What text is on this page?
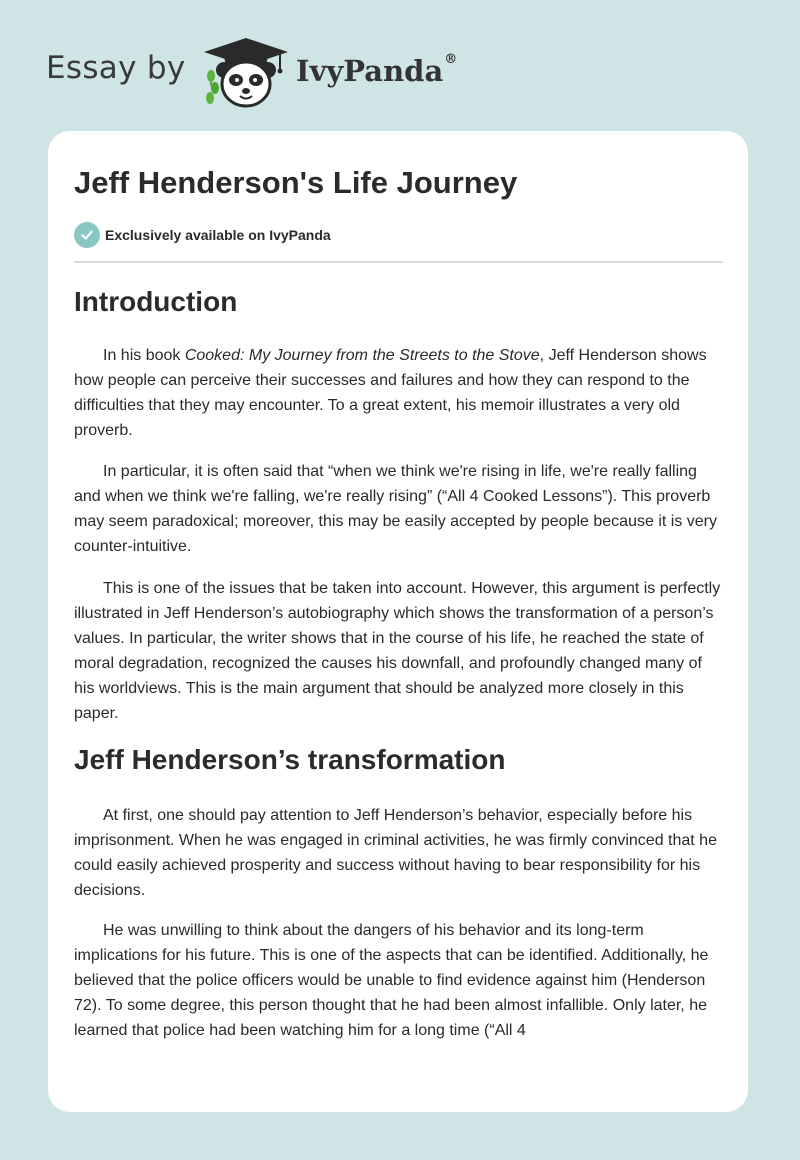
Essay by	IvyPanda®
Jeff Henderson's Life Journey
Exclusively available on IvyPanda
Introduction

In his book Cooked: My Journey from the Streets to the Stove, Jeff Henderson shows how people can perceive their successes and failures and how they can respond to the difficulties that they may encounter. To a great extent, his memoir illustrates a very old proverb.

In particular, it is often said that “when we think we're rising in life, we're really falling and when we think we're falling, we're really rising” (“All 4 Cooked Lessons”). This proverb may seem paradoxical; moreover, this may be easily accepted by people because it is very counter-intuitive.

This is one of the issues that be taken into account. However, this argument is perfectly illustrated in Jeff Henderson’s autobiography which shows the transformation of a person’s values. In particular, the writer shows that in the course of his life, he reached the state of moral degradation, recognized the causes his downfall, and profoundly changed many of his worldviews. This is the main argument that should be analyzed more closely in this paper.

Jeff Henderson’s transformation

At first, one should pay attention to Jeff Henderson’s behavior, especially before his imprisonment. When he was engaged in criminal activities, he was firmly convinced that he could easily achieved prosperity and success without having to bear responsibility for his decisions.

He was unwilling to think about the dangers of his behavior and its long-term implications for his future. This is one of the aspects that can be identified. Additionally, he believed that the police officers would be unable to find evidence against him (Henderson 72). To some degree, this person thought that he had been almost infallible. Only later, he learned that police had been watching him for a long time (“All 4
